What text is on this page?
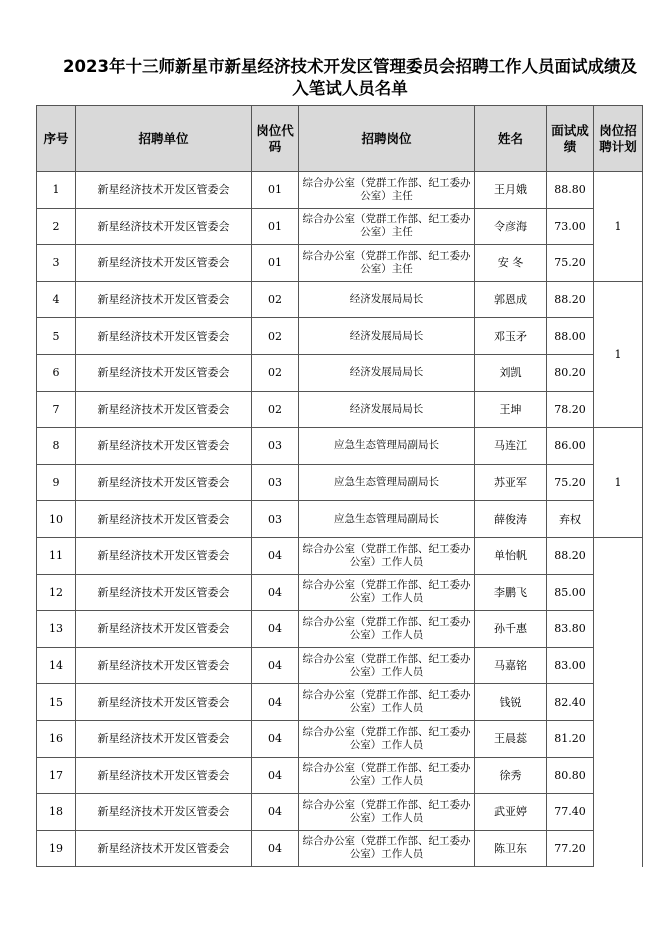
2023年十三师新星市新星经济技术开发区管理委员会招聘工作人员面试成绩及
入笔试人员名单
序号	招聘单位	岗位代码	招聘岗位	姓名	面试成绩	岗位招聘计划
1	新星经济技术开发区管委会	01	综合办公室（党群工作部、纪工委办公室）主任	王月娥	88.80	1
2	新星经济技术开发区管委会	01	综合办公室（党群工作部、纪工委办公室）主任	令彦海	73.00	
3	新星经济技术开发区管委会	01	综合办公室（党群工作部、纪工委办公室）主任	安 冬	75.20	
4	新星经济技术开发区管委会	02	经济发展局局长	郭恩成	88.20	1
5	新星经济技术开发区管委会	02	经济发展局局长	邓玉矛	88.00	
6	新星经济技术开发区管委会	02	经济发展局局长	刘凯	80.20	
7	新星经济技术开发区管委会	02	经济发展局局长	王坤	78.20	
8	新星经济技术开发区管委会	03	应急生态管理局副局长	马连江	86.00	1
9	新星经济技术开发区管委会	03	应急生态管理局副局长	苏亚军	75.20	
10	新星经济技术开发区管委会	03	应急生态管理局副局长	薛俊涛	弃权	
11	新星经济技术开发区管委会	04	综合办公室（党群工作部、纪工委办公室）工作人员	单怡帆	88.20	
12	新星经济技术开发区管委会	04	综合办公室（党群工作部、纪工委办公室）工作人员	李鹏飞	85.00	
13	新星经济技术开发区管委会	04	综合办公室（党群工作部、纪工委办公室）工作人员	孙千惠	83.80	
14	新星经济技术开发区管委会	04	综合办公室（党群工作部、纪工委办公室）工作人员	马嘉铭	83.00	
15	新星经济技术开发区管委会	04	综合办公室（党群工作部、纪工委办公室）工作人员	钱锐	82.40	
16	新星经济技术开发区管委会	04	综合办公室（党群工作部、纪工委办公室）工作人员	王晨蕊	81.20	
17	新星经济技术开发区管委会	04	综合办公室（党群工作部、纪工委办公室）工作人员	徐秀	80.80	
18	新星经济技术开发区管委会	04	综合办公室（党群工作部、纪工委办公室）工作人员	武亚婷	77.40	
19	新星经济技术开发区管委会	04	综合办公室（党群工作部、纪工委办公室）工作人员	陈卫东	77.20	
